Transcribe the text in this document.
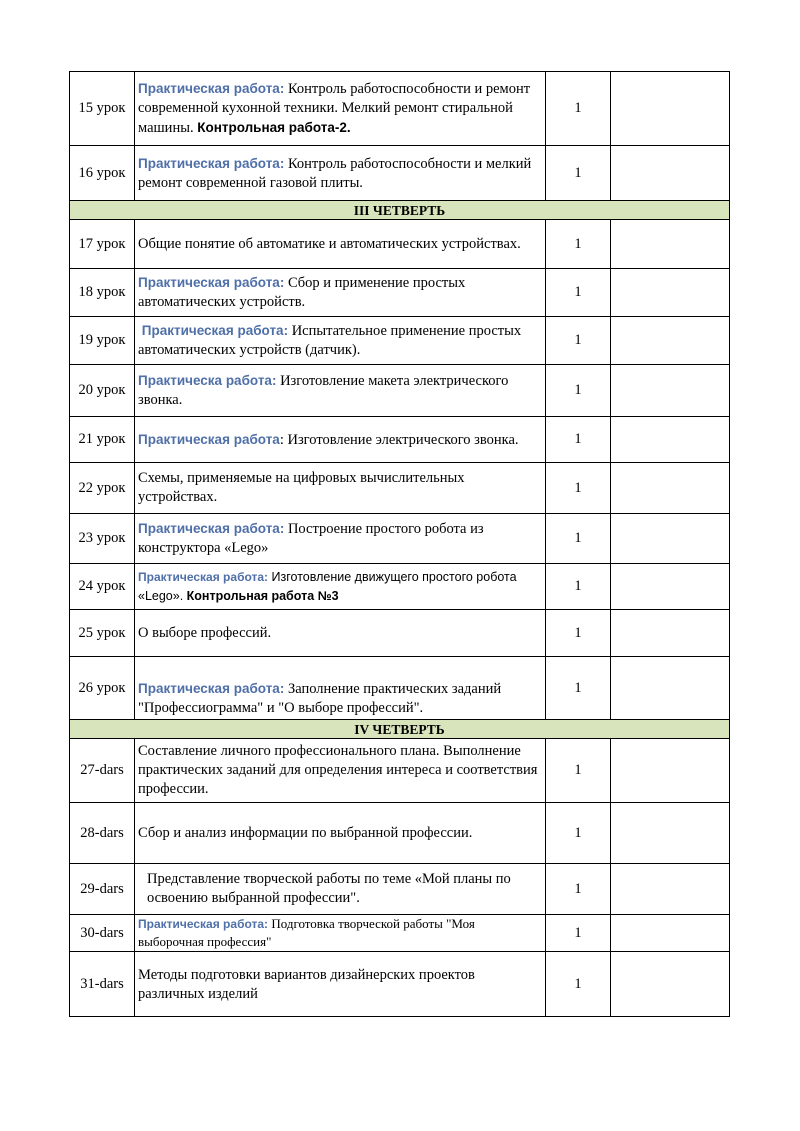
15 урок	Практическая работа: Контроль работоспособности и ремонт современной кухонной техники. Мелкий ремонт стиральной машины. Контрольная работа-2.	1	
16 урок	Практическая работа: Контроль работоспособности и мелкий ремонт современной газовой плиты.	1	
III ЧЕТВЕРТЬ			
17 урок	Общие понятие об автоматике и автоматических устройствах.	1	
18 урок	Практическая работа: Сбор и применение простых автоматических устройств.	1	
19 урок	Практическая работа: Испытательное применение простых автоматических устройств (датчик).	1	
20 урок	Практическа работа: Изготовление макета электрического звонка.	1	
21 урок	Практическая работа: Изготовление электрического звонка.	1	
22 урок	Схемы, применяемые на цифровых вычислительных устройствах.	1	
23 урок	Практическая работа: Построение простого робота из конструктора «Lego»	1	
24 урок	Практическая работа: Изготовление движущего простого робота «Lego». Контрольная работа №3	1	
25 урок	О выборе профессий.	1	
26 урок	Практическая работа: Заполнение практических заданий "Профессиограмма" и "О выборе профессий".	1	
IV ЧЕТВЕРТЬ			
27-dars	Составление личного профессионального плана. Выполнение практических заданий для определения интереса и соответствия профессии.	1	
28-dars	Сбор и анализ информации по выбранной профессии.	1	
29-dars	Представление творческой работы по теме «Мой планы по освоению выбранной профессии".	1	
30-dars	Практическая работа: Подготовка творческой работы "Моя выборочная профессия"	1	
31-dars	Методы подготовки вариантов дизайнерских проектов различных изделий	1	
